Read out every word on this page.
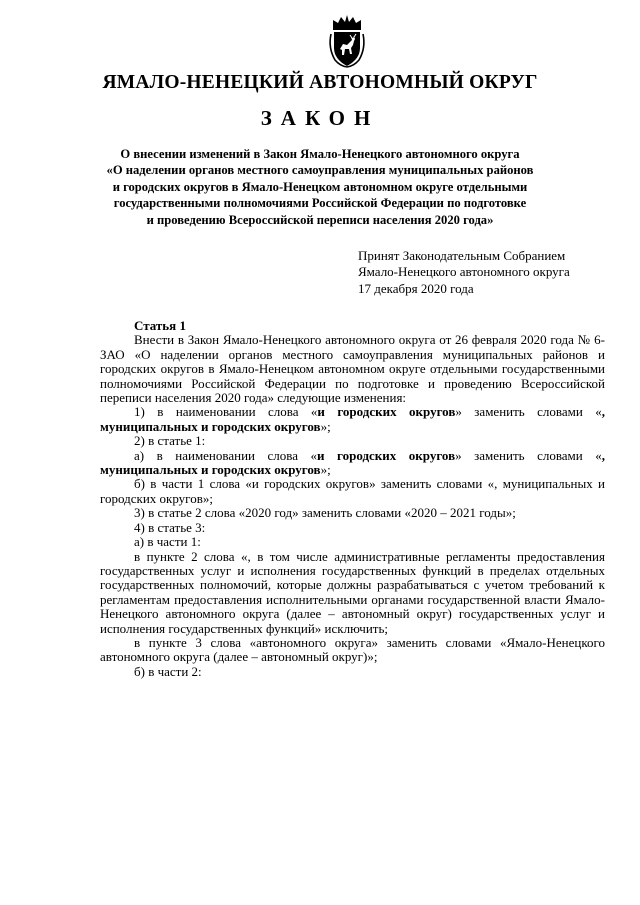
ЯМАЛО-НЕНЕЦКИЙ АВТОНОМНЫЙ ОКРУГ
ЗАКОН
О внесении изменений в Закон Ямало-Ненецкого автономного округа
«О наделении органов местного самоуправления муниципальных районов
и городских округов в Ямало-Ненецком автономном округе отдельными
государственными полномочиями Российской Федерации по подготовке
и проведению Всероссийской переписи населения 2020 года»
Принят Законодательным Собранием
Ямало-Ненецкого автономного округа
17 декабря 2020 года

Статья 1

Внести в Закон Ямало-Ненецкого автономного округа от 26 февраля 2020 года № 6-ЗАО «О наделении органов местного самоуправления муниципальных районов и городских округов в Ямало-Ненецком автономном округе отдельными государственными полномочиями Российской Федерации по подготовке и проведению Всероссийской переписи населения 2020 года» следующие изменения:

1) в наименовании слова «и городских округов» заменить словами «, муниципальных и городских округов»;

2) в статье 1:

а) в наименовании слова «и городских округов» заменить словами «, муниципальных и городских округов»;

б) в части 1 слова «и городских округов» заменить словами «, муниципальных и городских округов»;

3) в статье 2 слова «2020 год» заменить словами «2020 – 2021 годы»;

4) в статье 3:

а) в части 1:

в пункте 2 слова «, в том числе административные регламенты предоставления государственных услуг и исполнения государственных функций в пределах отдельных государственных полномочий, которые должны разрабатываться с учетом требований к регламентам предоставления исполнительными органами государственной власти Ямало-Ненецкого автономного округа (далее – автономный округ) государственных услуг и исполнения государственных функций» исключить;

в пункте 3 слова «автономного округа» заменить словами «Ямало-Ненецкого автономного округа (далее – автономный округ)»;

б) в части 2:
